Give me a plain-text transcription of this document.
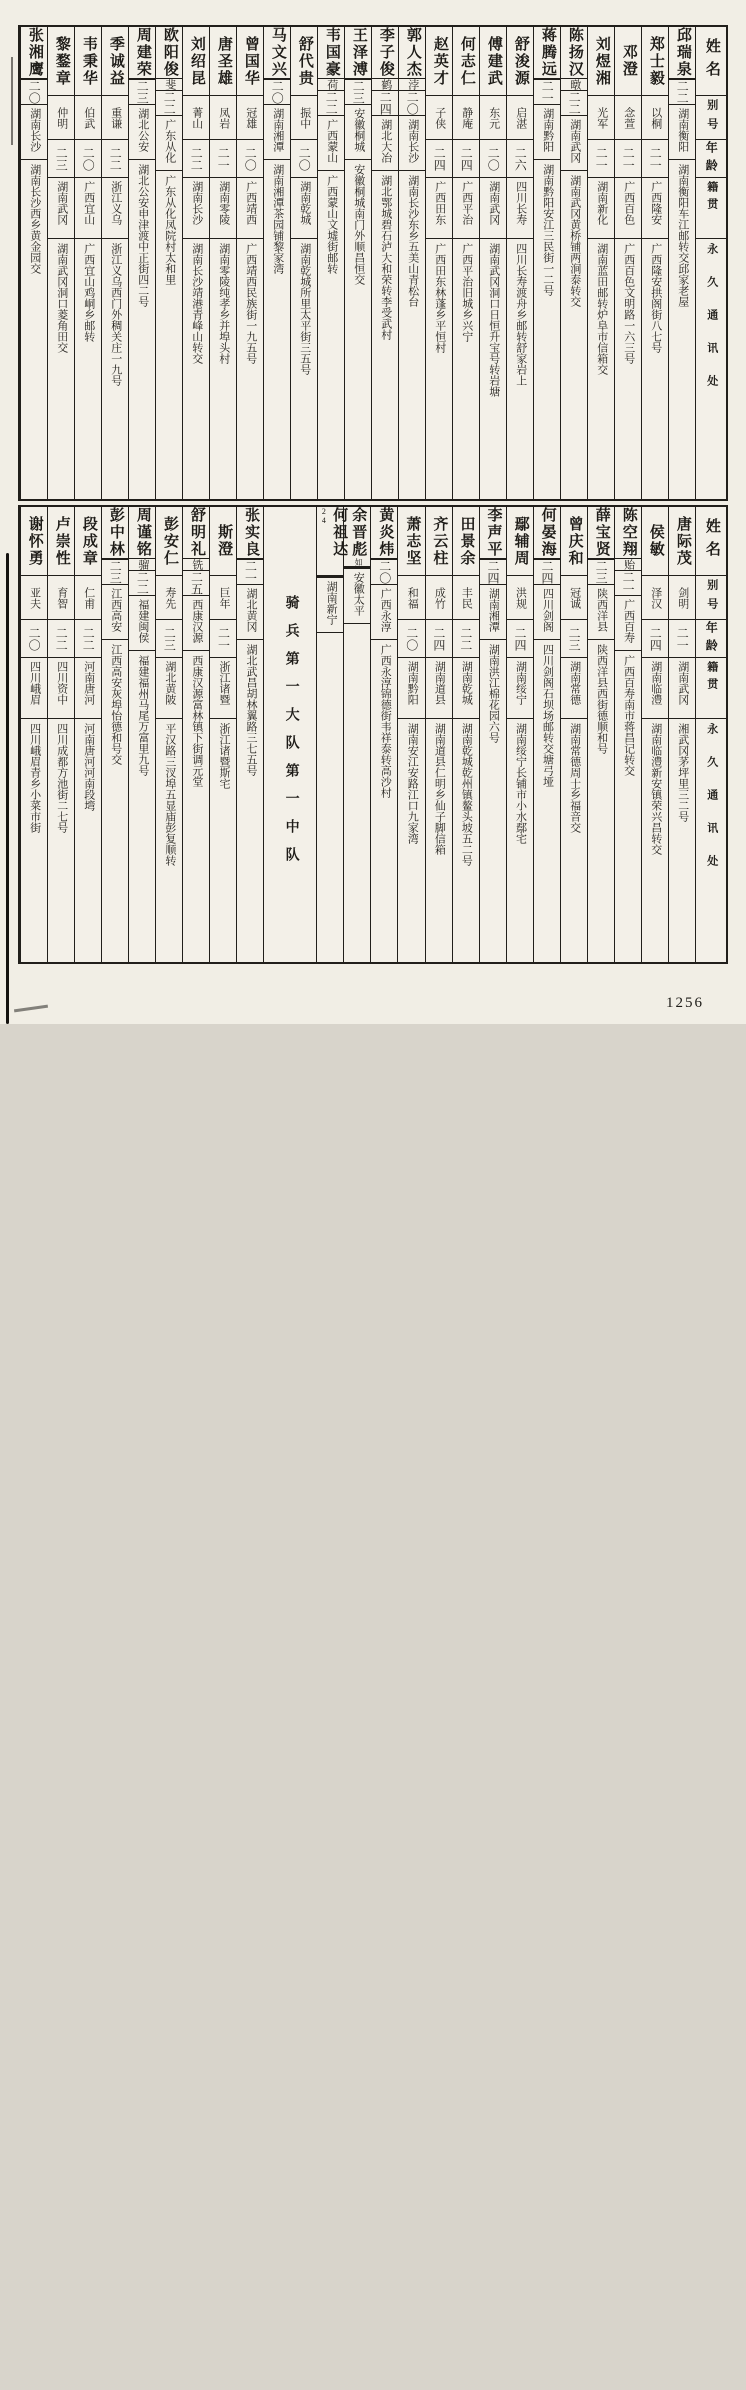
姓名
别号
年龄
籍贯
永久通讯处
邱瑞泉
二二
湖南衡阳
湖南衡阳车江邮转交邱家老屋
郑士毅
以桐
二一
广西隆安
广西隆安拱阁街八七号
邓澄
念萱
二一
广西百色
广西百色文明路一六三号
刘煜湘
光军
二一
湖南新化
湖南蓝田邮转炉阜市信箱交
陈扬汉
暾
二二
湖南武冈
湖南武冈黄桥铺两涧泰转交
蒋腾远
二一
湖南黔阳
湖南黔阳安江三民街一二号
舒浚源
启湛
二六
四川长寿
四川长寿渡舟乡邮转舒家岩上
傅建武
东元
二〇
湖南武冈
湖南武冈洞口日恒升宝号转岩塘
何志仁
静庵
二四
广西平治
广西平治旧城乡兴宁
赵英才
子侠
二四
广西田东
广西田东林蓬乡平恒村
郭人杰
浡
二〇
湖南长沙
湖南长沙东乡五美山青松台
李子俊
鹤
二四
湖北大冶
湖北鄂城碧石泸大和荣转李受武村
王泽溥
二三
安徽桐城
安徽桐城南门外顺昌恒交
韦国豪
荷
二二
广西蒙山
广西蒙山文墟街邮转
舒代贵
振中
二〇
湖南乾城
湖南乾城所里太平街三五号
马文兴
二〇
湖南湘潭
湖南湘潭茶园铺黎家湾
曾国华
冠雄
二〇
广西靖西
广西靖西民族街一九五号
唐圣雄
凤岩
二一
湖南零陵
湖南零陵纯孝乡并埠头村
刘绍昆
菁山
二二
湖南长沙
湖南长沙靖港青峰山转交
欧阳俊
斐
二二
广东从化
广东从化凤院村太和里
周建荣
二三
湖北公安
湖北公安申津渡中正街四二号
季诚益
重谦
二二
浙江义乌
浙江义乌西门外稠关庄一九号
韦秉华
伯武
二〇
广西宜山
广西宜山鸡峒乡邮转
黎鍪章
仲明
二三
湖南武冈
湖南武冈洞口菱角田交
张湘鹰
二〇
湖南长沙
湖南长沙西乡黄金园交
姓名
别号
年龄
籍贯
永久通讯处
唐际茂
剑明
二一
湖南武冈
湘武冈茅坪里三二号
侯敏
泽汉
二四
湖南临澧
湖南临澧新安镇荣兴昌转交
陈空翔
贻
二一
广西百寿
广西百寿南市蒋昌记转交
薛宝贤
二三
陕西洋县
陕西洋县西街德顺和号
曾庆和
冠诚
二三
湖南常德
湖南常德周士乡福音交
何晏海
二四
四川剑阁
四川剑阁石坝场邮转交塘弓垭
鄢辅周
洪规
二四
湖南绥宁
湖南绥宁长铺市小水鄢宅
李声平
二四
湖南湘潭
湖南洪江棉花园六号
田景余
丰民
二二
湖南乾城
湖南乾城乾州镇鳌头坡五二号
齐云柱
成竹
二四
湖南道县
湖南道县仁明乡仙子脚信箱
萧志坚
和福
二〇
湖南黔阳
湖南安江安路江口九家湾
黄炎炜
二〇
广西永淳
广西永淳锦德街韦祥泰转高沙村
余晋彪如
安徽太平
何祖达24
湖南新宁
骑兵第一大队第一中队
张实良
二一
湖北黄冈
湖北武昌胡林翼路三七五号
斯澄
巨年
二一
浙江诸暨
浙江诸暨斯宅
舒明礼
铣
二五
西康汉源
西康汉源富林镇下街调元堂
彭安仁
寿先
二三
湖北黄陂
平汉路三汊埠五显庙彭复顺转
周谨铭
骝
二二
福建闽侯
福建福州马尾万富里九号
彭中林
二三
江西高安
江西高安灰埠怡德和号交
段成章
仁甫
二二
河南唐河
河南唐河河南段塆
卢崇性
育智
二二
四川资中
四川成都方池街二七号
谢怀勇
亚夫
二〇
四川峨眉
四川峨眉青乡小菜市街
1256
